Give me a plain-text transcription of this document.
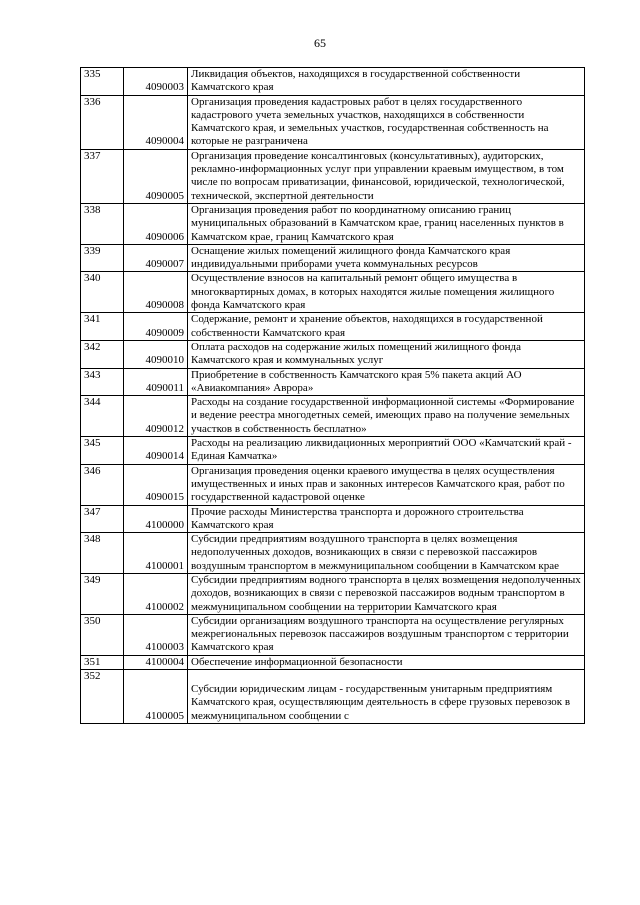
65
335	4090003	Ликвидация объектов, находящихся в государственной собственности Камчатского края
336	4090004	Организация проведения кадастровых работ в целях государственного кадастрового учета земельных участков, находящихся в собственности Камчатского края, и земельных участков, государственная собственность на которые не разграничена
337	4090005	Организация проведение консалтинговых (консультативных), аудиторских, рекламно-информационных услуг при управлении краевым имуществом, в том числе по вопросам приватизации, финансовой, юридической, технологической, технической, экспертной деятельности
338	4090006	Организация проведения работ по координатному описанию границ муниципальных образований в Камчатском крае, границ населенных пунктов в Камчатском крае, границ Камчатского края
339	4090007	Оснащение жилых помещений жилищного фонда Камчатского края индивидуальными приборами учета коммунальных ресурсов
340	4090008	Осуществление взносов на капитальный ремонт общего имущества в многоквартирных домах, в которых находятся жилые помещения жилищного фонда Камчатского края
341	4090009	Содержание, ремонт и хранение объектов, находящихся в государственной собственности Камчатского края
342	4090010	Оплата расходов на содержание жилых помещений жилищного фонда Камчатского края и коммунальных услуг
343	4090011	Приобретение в собственность Камчатского края 5% пакета акций АО «Авиакомпания» Аврора»
344	4090012	Расходы на создание государственной информационной системы «Формирование и ведение реестра многодетных семей, имеющих право на получение земельных участков в собственность бесплатно»
345	4090014	Расходы на реализацию ликвидационных мероприятий ООО «Камчатский край - Единая Камчатка»
346	4090015	Организация проведения оценки краевого имущества в целях осуществления имущественных и иных прав и законных интересов Камчатского края, работ по государственной кадастровой оценке
347	4100000	Прочие расходы Министерства транспорта и дорожного строительства Камчатского края
348	4100001	Субсидии предприятиям воздушного транспорта в целях возмещения недополученных доходов, возникающих в связи с перевозкой пассажиров воздушным транспортом в межмуниципальном сообщении в Камчатском крае
349	4100002	Субсидии предприятиям водного транспорта в целях возмещения недополученных доходов, возникающих в связи с перевозкой пассажиров водным транспортом в межмуниципальном сообщении на территории Камчатского края
350	4100003	Субсидии организациям воздушного транспорта на осуществление регулярных межрегиональных перевозок пассажиров воздушным транспортом с территории Камчатского края
351	4100004	Обеспечение информационной безопасности
352	4100005	Субсидии юридическим лицам - государственным унитарным предприятиям Камчатского края, осуществляющим деятельность в сфере грузовых перевозок в межмуниципальном сообщении с
